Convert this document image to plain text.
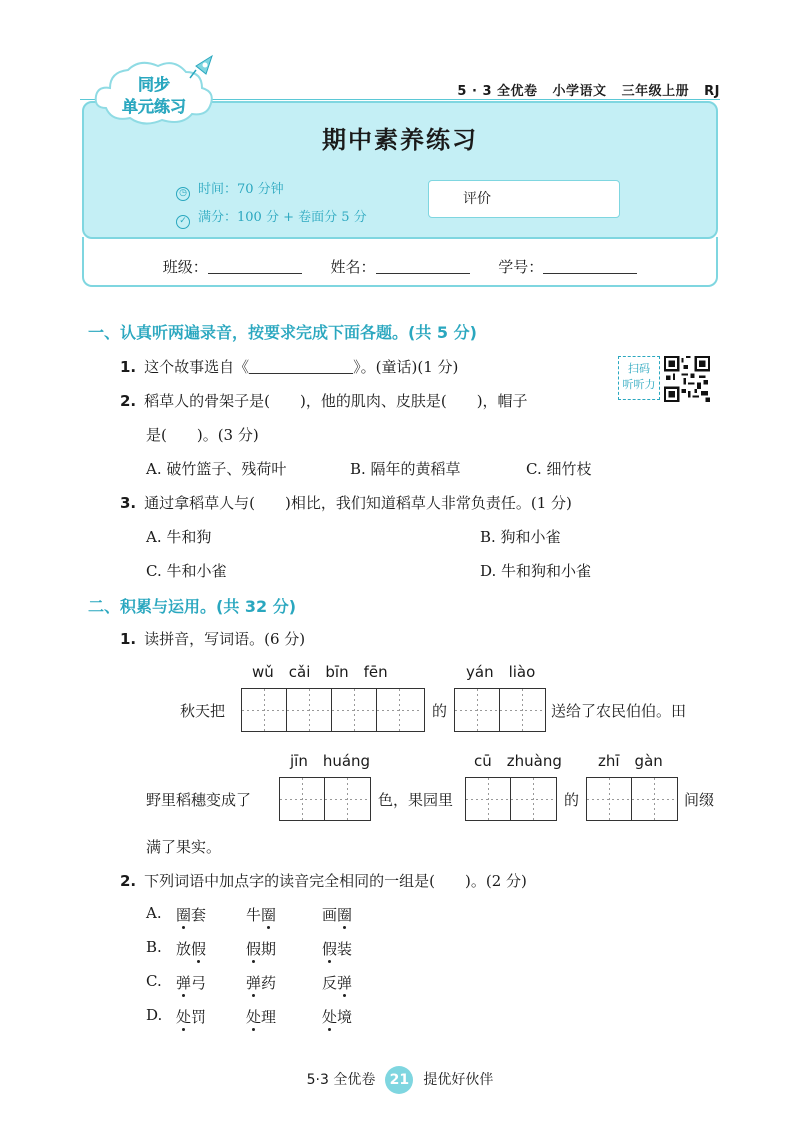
5 · 3 全优卷 小学语文 三年级上册 RJ
同步
单元练习
期中素养练习
◷ 时间：70 分钟
✓ 满分：100 分 + 卷面分 5 分
评价
班级：	姓名：	学号：
一、认真听两遍录音，按要求完成下面各题。(共 5 分)
1. 这个故事选自《	》。(童话)(1 分)	扫码
听听力
2. 稻草人的骨架子是(　　)，他的肌肉、皮肤是(　　)，帽子
是(　　)。(3 分)
A. 破竹篮子、残荷叶	B. 隔年的黄稻草	C. 细竹枝
3. 通过拿稻草人与(　　)相比，我们知道稻草人非常负责任。(1 分)
A. 牛和狗	B. 狗和小雀
C. 牛和小雀	D. 牛和狗和小雀
二、积累与运用。(共 32 分)
1. 读拼音，写词语。(6 分)
wǔ　cǎi　bīn　fēn	yán　liào
秋天把	的	送给了农民伯伯。田
jīn　huáng	cū　zhuàng zhī　gàn
野里稻穗变成了	色，果园里	的	间缀
满了果实。
2. 下列词语中加点字的读音完全相同的一组是(　　)。(2 分)
A. 圈套	牛圈	画圈
B. 放假	假期	假装
C. 弹弓	弹药	反弹
D. 处罚	处理	处境
5·3 全优卷 21 提优好伙伴
